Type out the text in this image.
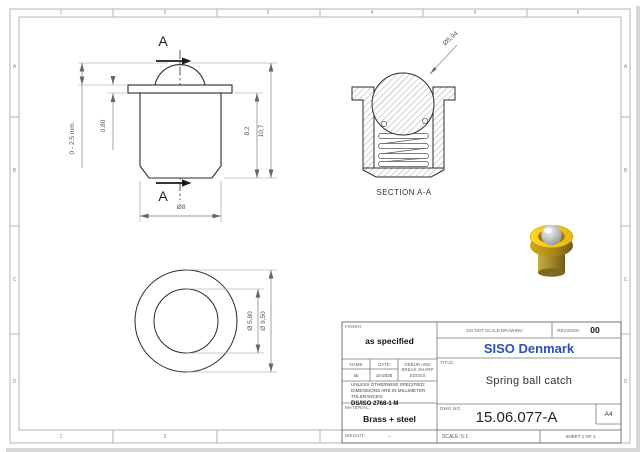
1	2	3	4	5	6
1	2
A
B
C
D
A
B
C
D
A
A
0 - 2.5 mm.	0,80	8,2	10,7
Ø8
Ø 5,80 Ø 9,50
Ø5,94
SECTION A-A
FINISH:
as specified
NAME	DATE
sb	10-2025
DEBUR AND BREAK SHARP EDGES
UNLESS OTHERWISE SPECIFIED:
DIMENSIONS ARE IN MILLIMETER
TOLERANCES:
DS/ISO 2768-1 M
MATERIAL:
Brass + steel
WEIGHT:	-
DO NOT SCALE DRAWING	REVISION	00
SISO Denmark
TITLE:
Spring ball catch
DWG NO. 15.06.077-A	A4
SCALE: 5:1	SHEET 1 OF 1
